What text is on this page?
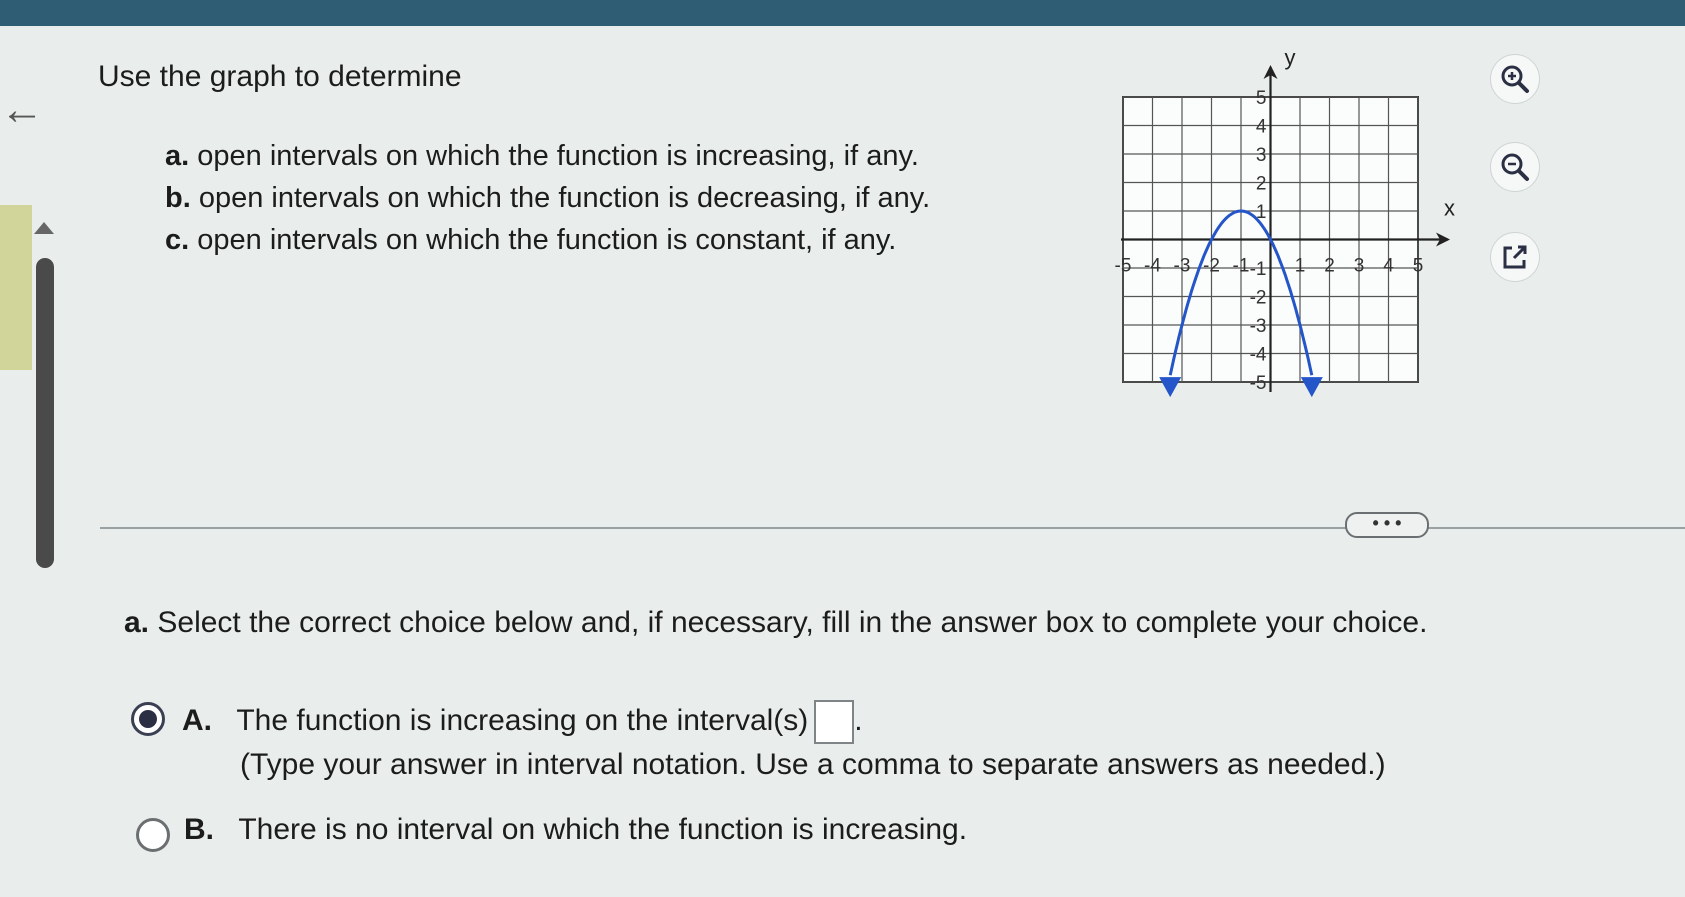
←
Use the graph to determine
a. open intervals on which the function is increasing, if any.
b. open intervals on which the function is decreasing, if any.
c. open intervals on which the function is constant, if any.
x
y
-5 -4 -3 -2 -1 1 2 3 4 5
5
4
3
2
1
-1
-2
-3
-4
-5
• • •
a. Select the correct choice below and, if necessary, fill in the answer box to complete your choice.
A. The function is increasing on the interval(s) .
(Type your answer in interval notation. Use a comma to separate answers as needed.)
B. There is no interval on which the function is increasing.
